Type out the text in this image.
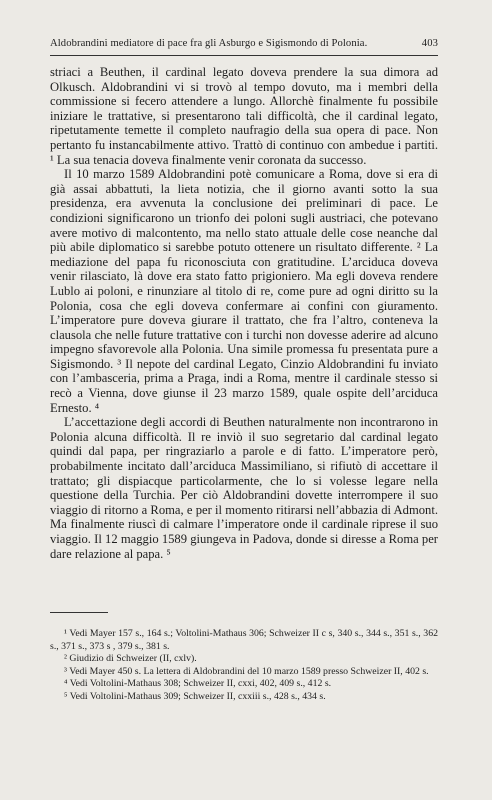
Aldobrandini mediatore di pace fra gli Asburgo e Sigismondo di Polonia.	403

striaci a Beuthen, il cardinal legato doveva prendere la sua dimora ad Olkusch. Aldobrandini vi si trovò al tempo dovuto, ma i membri della commissione si fecero attendere a lungo. Allorchè finalmente fu possibile iniziare le trattative, si presentarono tali difficoltà, che il cardinal legato, ripetutamente temette il completo naufragio della sua opera di pace. Non pertanto fu instancabilmente attivo. Trattò di continuo con ambedue i partiti. ¹ La sua tenacia doveva finalmente venir coronata da successo.

Il 10 marzo 1589 Aldobrandini potè comunicare a Roma, dove si era di già assai abbattuti, la lieta notizia, che il giorno avanti sotto la sua presidenza, era avvenuta la conclusione dei preliminari di pace. Le condizioni significarono un trionfo dei poloni sugli austriaci, che potevano avere motivo di malcontento, ma nello stato attuale delle cose neanche dal più abile diplomatico si sarebbe potuto ottenere un risultato differente. ² La mediazione del papa fu riconosciuta con gratitudine. L’arciduca doveva venir rilasciato, là dove era stato fatto prigioniero. Ma egli doveva rendere Lublo ai poloni, e rinunziare al titolo di re, come pure ad ogni diritto su la Polonia, cosa che egli doveva confermare ai confini con giuramento. L’imperatore pure doveva giurare il trattato, che fra l’altro, conteneva la clausola che nelle future trattative con i turchi non dovesse aderire ad alcuno impegno sfavorevole alla Polonia. Una simile promessa fu presentata pure a Sigismondo. ³ Il nepote del cardinal Legato, Cinzio Aldobrandini fu inviato con l’ambasceria, prima a Praga, indi a Roma, mentre il cardinale stesso si recò a Vienna, dove giunse il 23 marzo 1589, quale ospite dell’arciduca Ernesto. ⁴

L’accettazione degli accordi di Beuthen naturalmente non incontrarono in Polonia alcuna difficoltà. Il re inviò il suo segretario dal cardinal legato quindi dal papa, per ringraziarlo a parole e di fatto. L’imperatore però, probabilmente incitato dall’arciduca Massimiliano, si rifiutò di accettare il trattato; gli dispiacque particolarmente, che lo si volesse legare nella questione della Turchia. Per ciò Aldobrandini dovette interrompere il suo viaggio di ritorno a Roma, e per il momento ritirarsi nell’abbazia di Admont. Ma finalmente riuscì di calmare l’imperatore onde il cardinale riprese il suo viaggio. Il 12 maggio 1589 giungeva in Padova, donde si diresse a Roma per dare relazione al papa. ⁵

¹ Vedi Mayer 157 s., 164 s.; Voltolini-Mathaus 306; Schweizer II c s, 340 s., 344 s., 351 s., 362 s., 371 s., 373 s , 379 s., 381 s.

² Giudizio di Schweizer (II, cxlv).

³ Vedi Mayer 450 s. La lettera di Aldobrandini del 10 marzo 1589 presso Schweizer II, 402 s.

⁴ Vedi Voltolini-Mathaus 308; Schweizer II, cxxi, 402, 409 s., 412 s.

⁵ Vedi Voltolini-Mathaus 309; Schweizer II, cxxiii s., 428 s., 434 s.
